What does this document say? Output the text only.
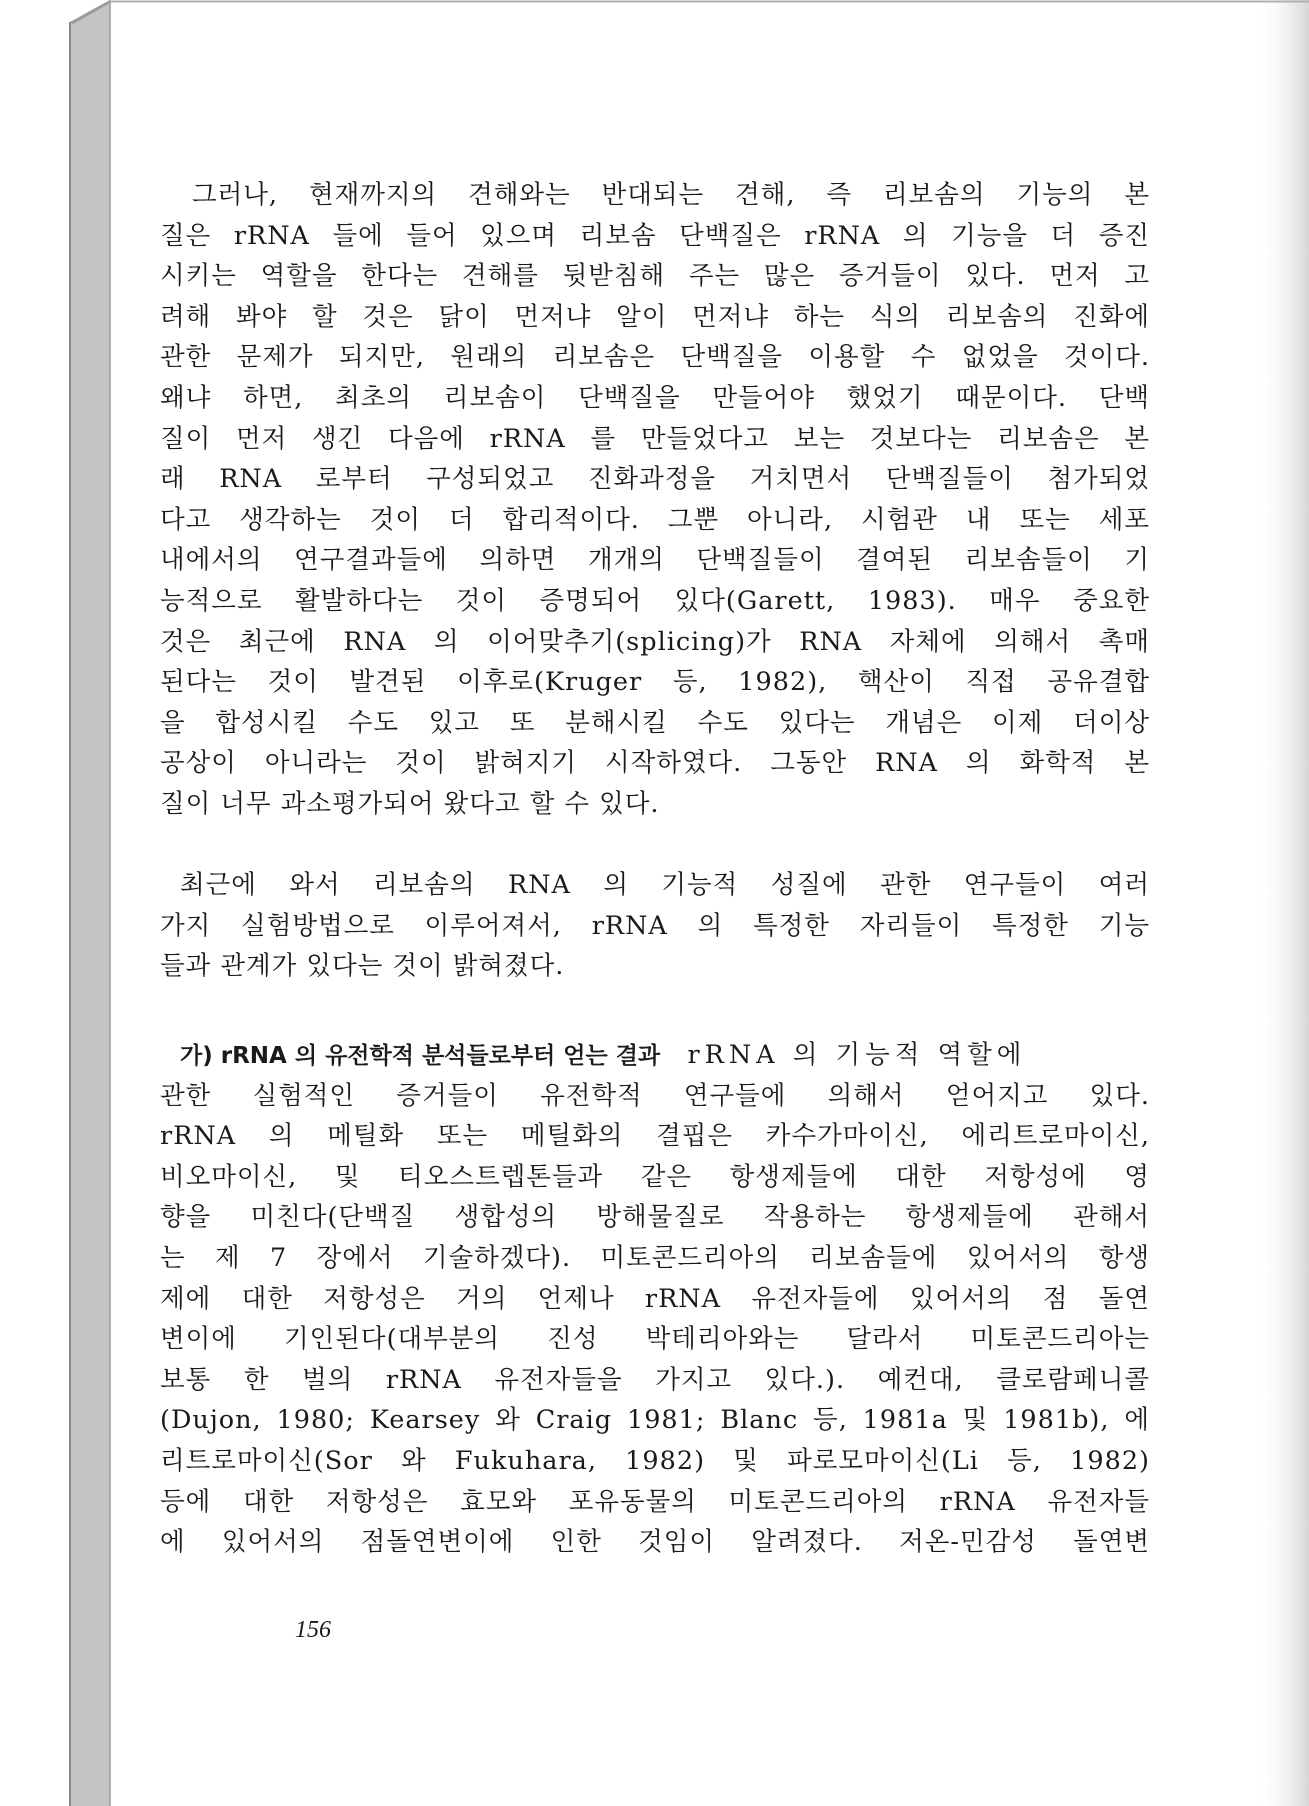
그러나, 현재까지의 견해와는 반대되는 견해, 즉 리보솜의 기능의 본
질은 rRNA 들에 들어 있으며 리보솜 단백질은 rRNA 의 기능을 더 증진
시키는 역할을 한다는 견해를 뒷받침해 주는 많은 증거들이 있다. 먼저 고
려해 봐야 할 것은 닭이 먼저냐 알이 먼저냐 하는 식의 리보솜의 진화에
관한 문제가 되지만, 원래의 리보솜은 단백질을 이용할 수 없었을 것이다.
왜냐 하면, 최초의 리보솜이 단백질을 만들어야 했었기 때문이다. 단백
질이 먼저 생긴 다음에 rRNA 를 만들었다고 보는 것보다는 리보솜은 본
래 RNA 로부터 구성되었고 진화과정을 거치면서 단백질들이 첨가되었
다고 생각하는 것이 더 합리적이다. 그뿐 아니라, 시험관 내 또는 세포
내에서의 연구결과들에 의하면 개개의 단백질들이 결여된 리보솜들이 기
능적으로 활발하다는 것이 증명되어 있다(Garett, 1983). 매우 중요한
것은 최근에 RNA 의 이어맞추기(splicing)가 RNA 자체에 의해서 촉매
된다는 것이 발견된 이후로(Kruger 등, 1982), 핵산이 직접 공유결합
을 합성시킬 수도 있고 또 분해시킬 수도 있다는 개념은 이제 더이상
공상이 아니라는 것이 밝혀지기 시작하였다. 그동안 RNA 의 화학적 본
질이 너무 과소평가되어 왔다고 할 수 있다.
최근에 와서 리보솜의 RNA 의 기능적 성질에 관한 연구들이 여러
가지 실험방법으로 이루어져서, rRNA 의 특정한 자리들이 특정한 기능
들과 관계가 있다는 것이 밝혀졌다.
가) rRNA 의 유전학적 분석들로부터 얻는 결과 rRNA 의 기능적 역할에
관한 실험적인 증거들이 유전학적 연구들에 의해서 얻어지고 있다.
rRNA 의 메틸화 또는 메틸화의 결핍은 카수가마이신, 에리트로마이신,
비오마이신, 및 티오스트렙톤들과 같은 항생제들에 대한 저항성에 영
향을 미친다(단백질 생합성의 방해물질로 작용하는 항생제들에 관해서
는 제 7 장에서 기술하겠다). 미토콘드리아의 리보솜들에 있어서의 항생
제에 대한 저항성은 거의 언제나 rRNA 유전자들에 있어서의 점 돌연
변이에 기인된다(대부분의 진성 박테리아와는 달라서 미토콘드리아는
보통 한 벌의 rRNA 유전자들을 가지고 있다.). 예컨대, 클로람페니콜
(Dujon, 1980; Kearsey 와 Craig 1981; Blanc 등, 1981a 및 1981b), 에
리트로마이신(Sor 와 Fukuhara, 1982) 및 파로모마이신(Li 등, 1982)
등에 대한 저항성은 효모와 포유동물의 미토콘드리아의 rRNA 유전자들
에 있어서의 점돌연변이에 인한 것임이 알려졌다. 저온-민감성 돌연변
156
